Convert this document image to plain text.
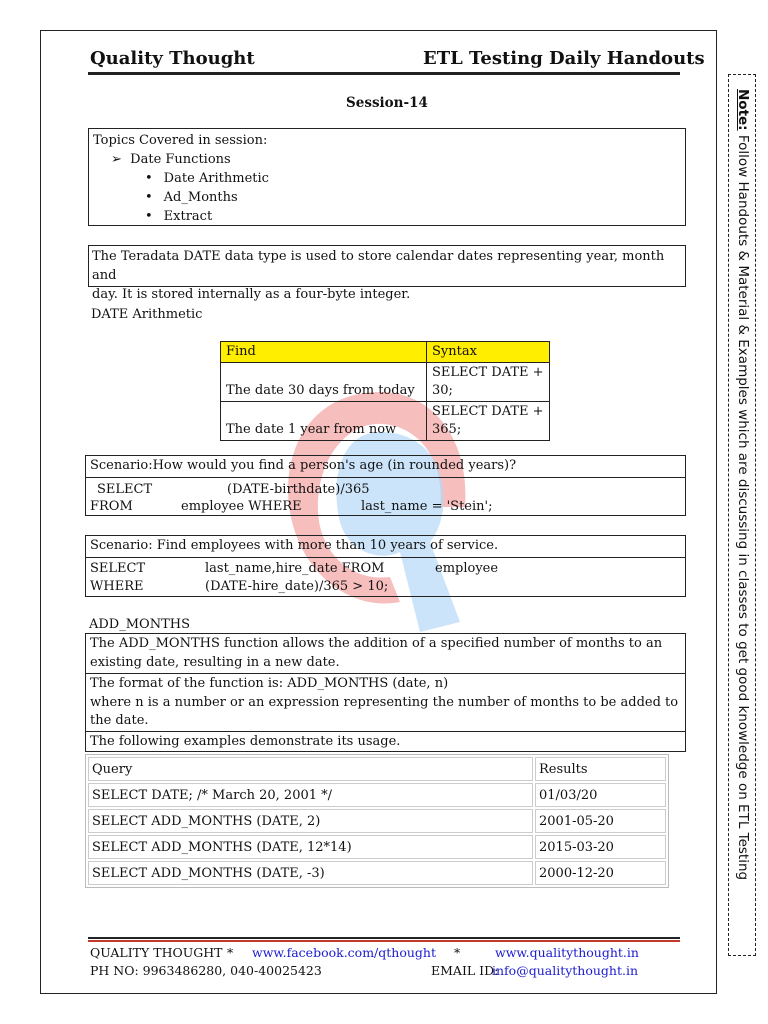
Quality Thought	ETL Testing Daily Handouts
Session-14
Topics Covered in session:
➢ Date Functions
• Date Arithmetic
• Ad_Months
• Extract
The Teradata DATE data type is used to store calendar dates representing year, month and
day. It is stored internally as a four-byte integer.
DATE Arithmetic
Find	Syntax
The date 30 days from today	SELECT DATE +
30;

The date 1 year from now	SELECT DATE +
365;
Scenario:How would you find a person's age (in rounded years)?
SELECT	(DATE-birthdate)/365
FROM	employee WHERE	last_name = 'Stein';
Scenario: Find employees with more than 10 years of service.
SELECT	last_name,hire_date FROM	employee
WHERE	(DATE-hire_date)/365 > 10;
ADD_MONTHS
The ADD_MONTHS function allows the addition of a specified number of months to an
existing date, resulting in a new date.
The format of the function is: ADD_MONTHS (date, n)
where n is a number or an expression representing the number of months to be added to
the date.
The following examples demonstrate its usage.
Query	Results
SELECT DATE; /* March 20, 2001 */	01/03/20
SELECT ADD_MONTHS (DATE, 2)	2001-05-20
SELECT ADD_MONTHS (DATE, 12*14)	2015-03-20
SELECT ADD_MONTHS (DATE, -3)	2000-12-20
QUALITY THOUGHT * www.facebook.com/qthought *	www.qualitythought.in
PH NO: 9963486280, 040-40025423	EMAIL ID:
info@qualitythought.in
Note: Follow Handouts & Material & Examples which are discussing in classes to get good knowledge on ETL Testing
